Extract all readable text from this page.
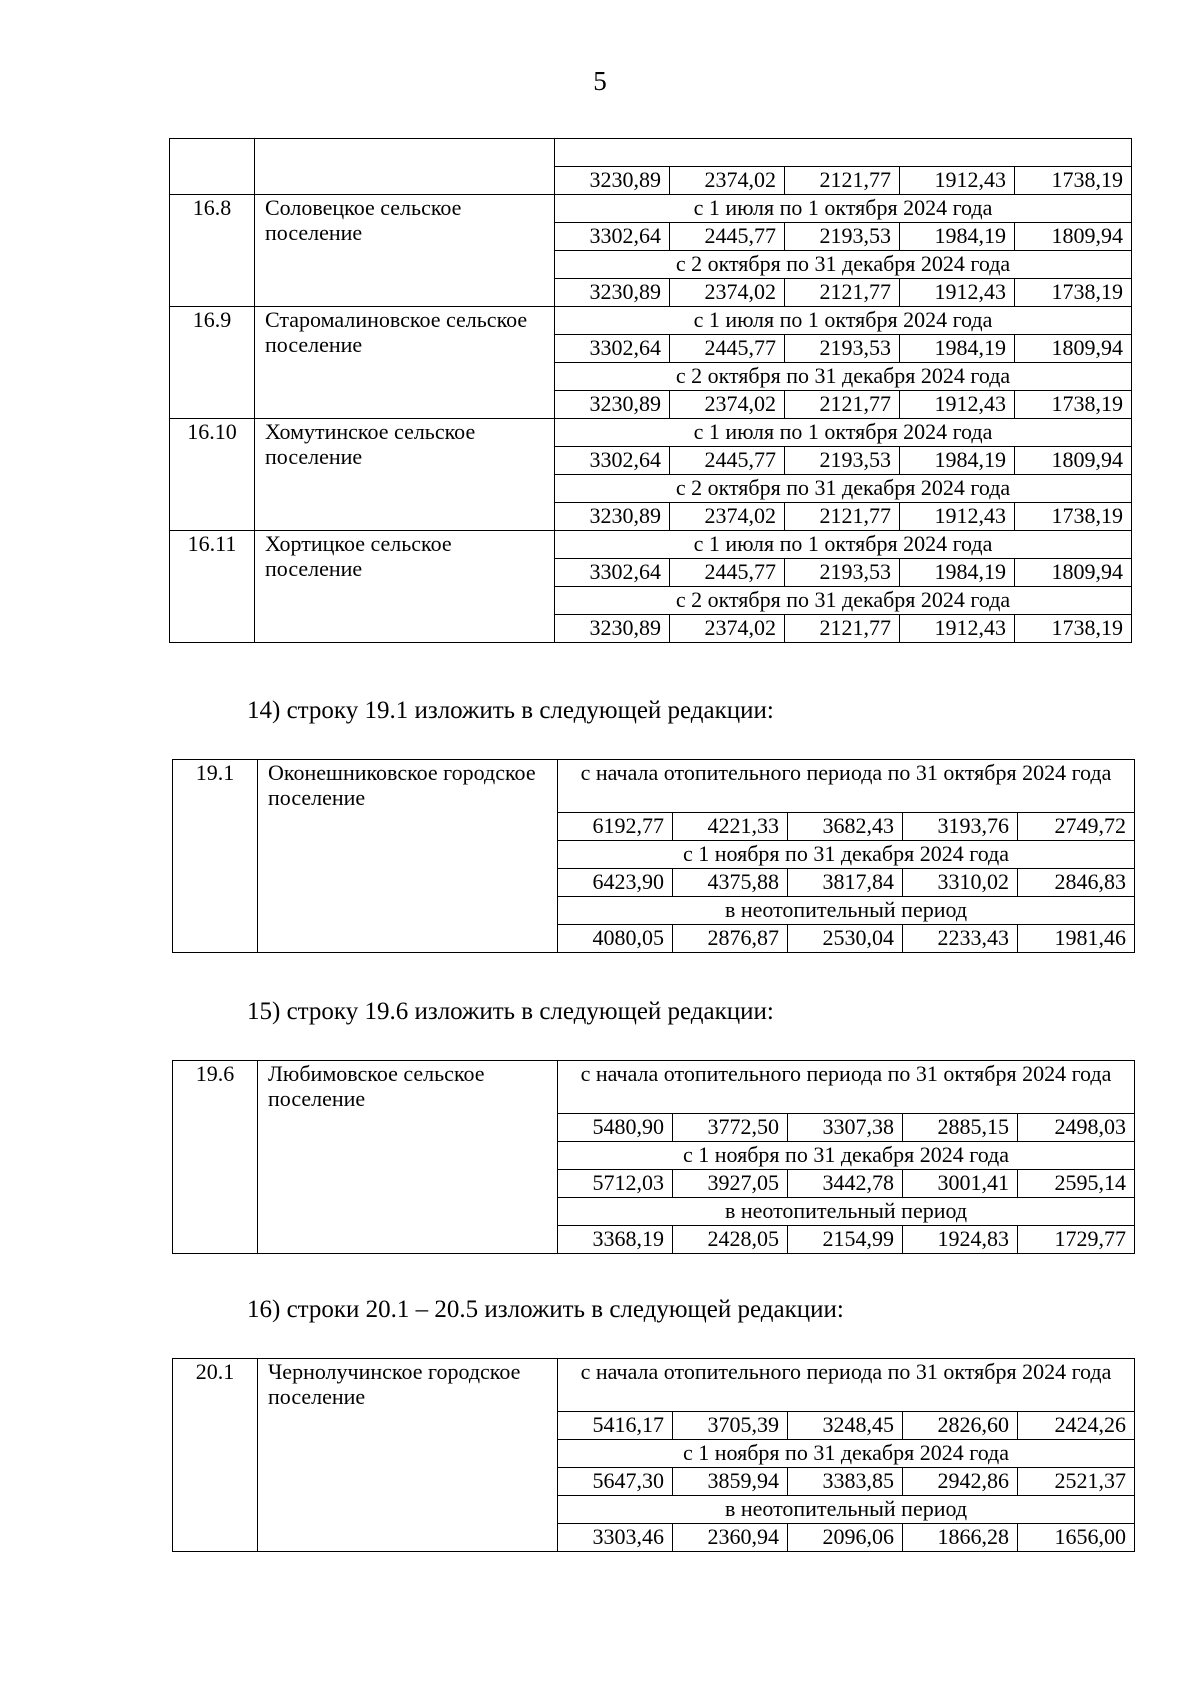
5

		3230,89	2374,02	2121,77	1912,43	1738,19
16.8	Соловецкое сельское поселение	с 1 июля по 1 октября 2024 года				
		3302,64	2445,77	2193,53	1984,19	1809,94
		с 2 октября по 31 декабря 2024 года				
		3230,89	2374,02	2121,77	1912,43	1738,19
16.9	Старомалиновское сельское поселение	с 1 июля по 1 октября 2024 года				
		3302,64	2445,77	2193,53	1984,19	1809,94
		с 2 октября по 31 декабря 2024 года				
		3230,89	2374,02	2121,77	1912,43	1738,19
16.10	Хомутинское сельское поселение	с 1 июля по 1 октября 2024 года				
		3302,64	2445,77	2193,53	1984,19	1809,94
		с 2 октября по 31 декабря 2024 года				
		3230,89	2374,02	2121,77	1912,43	1738,19
16.11	Хортицкое сельское поселение	с 1 июля по 1 октября 2024 года				
		3302,64	2445,77	2193,53	1984,19	1809,94
		с 2 октября по 31 декабря 2024 года				
		3230,89	2374,02	2121,77	1912,43	1738,19
14) строку 19.1 изложить в следующей редакции:
19.1	Оконешниковское городское поселение	с начала отопительного периода по 31 октября 2024 года				
		6192,77	4221,33	3682,43	3193,76	2749,72
		с 1 ноября по 31 декабря 2024 года				
		6423,90	4375,88	3817,84	3310,02	2846,83
		в неотопительный период				
		4080,05	2876,87	2530,04	2233,43	1981,46
15) строку 19.6 изложить в следующей редакции:
19.6	Любимовское сельское поселение	с начала отопительного периода по 31 октября 2024 года				
		5480,90	3772,50	3307,38	2885,15	2498,03
		с 1 ноября по 31 декабря 2024 года				
		5712,03	3927,05	3442,78	3001,41	2595,14
		в неотопительный период				
		3368,19	2428,05	2154,99	1924,83	1729,77
16) строки 20.1 – 20.5 изложить в следующей редакции:
20.1	Чернолучинское городское поселение	с начала отопительного периода по 31 октября 2024 года				
		5416,17	3705,39	3248,45	2826,60	2424,26
		с 1 ноября по 31 декабря 2024 года				
		5647,30	3859,94	3383,85	2942,86	2521,37
		в неотопительный период				
		3303,46	2360,94	2096,06	1866,28	1656,00
